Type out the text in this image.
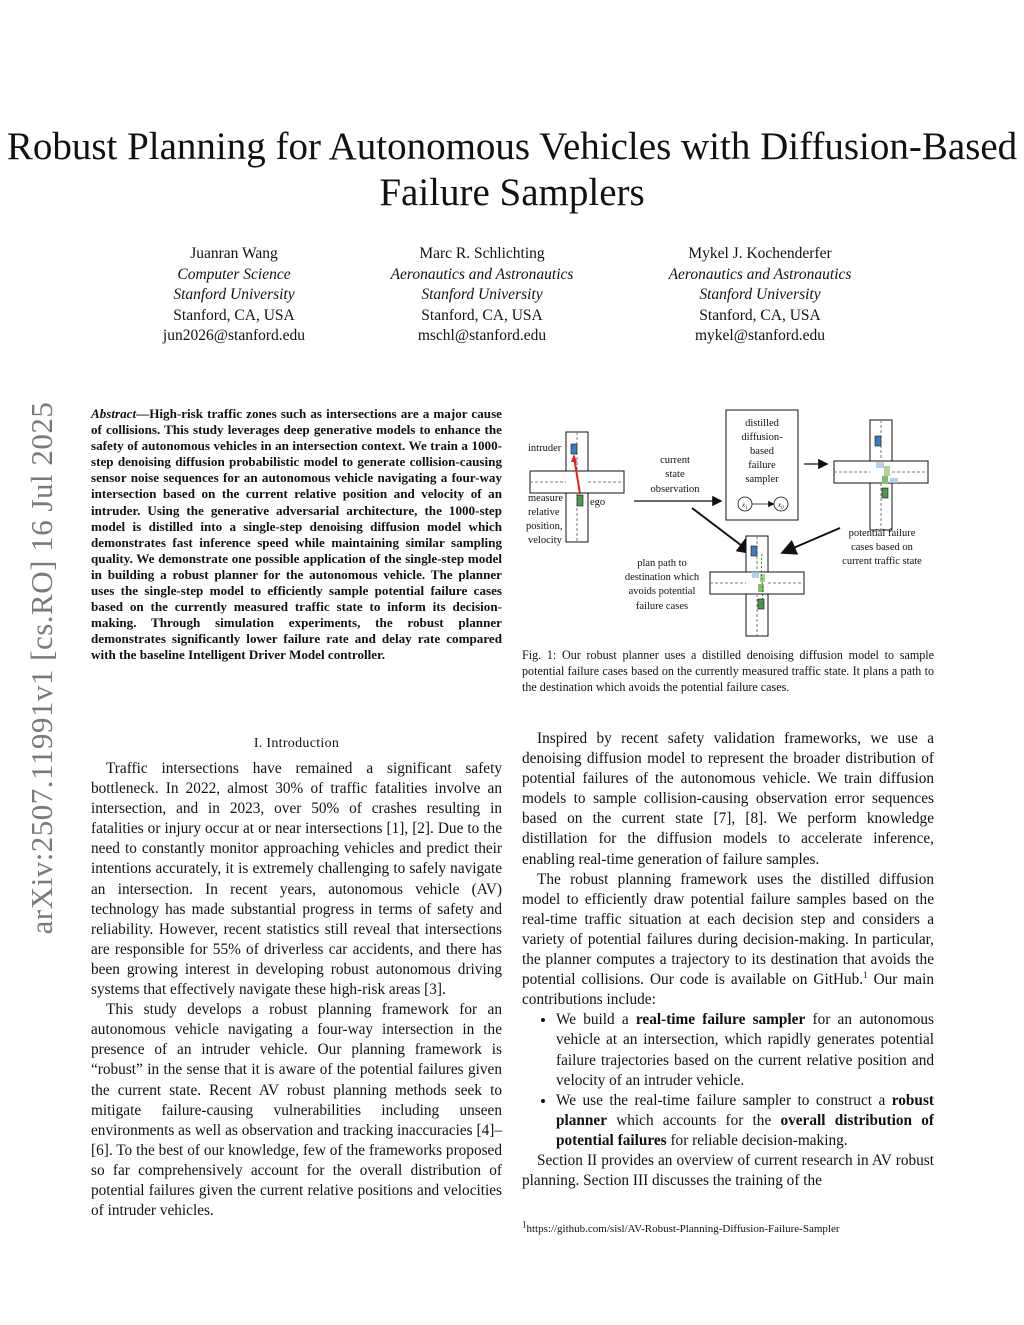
Robust Planning for Autonomous Vehicles with Diffusion-Based Failure Samplers
Juanran Wang
Computer Science
Stanford University
Stanford, CA, USA
jun2026@stanford.edu
Marc R. Schlichting
Aeronautics and Astronautics
Stanford University
Stanford, CA, USA
mschl@stanford.edu
Mykel J. Kochenderfer
Aeronautics and Astronautics
Stanford University
Stanford, CA, USA
mykel@stanford.edu
arXiv:2507.11991v1 [cs.RO] 16 Jul 2025 Abstract—High-risk traffic zones such as intersections are a major cause of collisions. This study leverages deep generative models to enhance the safety of autonomous vehicles in an intersection context. We train a 1000-step denoising diffusion probabilistic model to generate collision-causing sensor noise sequences for an autonomous vehicle navigating a four-way intersection based on the current relative position and velocity of an intruder. Using the generative adversarial architecture, the 1000-step model is distilled into a single-step denoising diffusion model which demonstrates fast inference speed while maintaining similar sampling quality. We demonstrate one possible application of the single-step model in building a robust planner for the autonomous vehicle. The planner uses the single-step model to efficiently sample potential failure cases based on the currently measured traffic state to inform its decision-making. Through simulation experiments, the robust planner demonstrates significantly lower failure rate and delay rate compared with the baseline Intelligent Driver Model controller.
intruder
measure
relative
position,
velocity
ego
current
state
observation
distilled
diffusion-
based
failure
sampler
$x_1$	$x_0$
potential failure
cases based on
current traffic state
plan path to
destination which
avoids potential
failure cases
Fig. 1: Our robust planner uses a distilled denoising diffusion model to sample potential failure cases based on the currently measured traffic state. It plans a path to the destination which avoids the potential failure cases.
I. Introduction

Traffic intersections have remained a significant safety bottleneck. In 2022, almost 30% of traffic fatalities involve an intersection, and in 2023, over 50% of crashes resulting in fatalities or injury occur at or near intersections [1], [2]. Due to the need to constantly monitor approaching vehicles and predict their intentions accurately, it is extremely challenging to safely navigate an intersection. In recent years, autonomous vehicle (AV) technology has made substantial progress in terms of safety and reliability. However, recent statistics still reveal that intersections are responsible for 55% of driverless car accidents, and there has been growing interest in developing robust autonomous driving systems that effectively navigate these high-risk areas [3].

This study develops a robust planning framework for an autonomous vehicle navigating a four-way intersection in the presence of an intruder vehicle. Our planning framework is “robust” in the sense that it is aware of the potential failures given the current state. Recent AV robust planning methods seek to mitigate failure-causing vulnerabilities including unseen environments as well as observation and tracking inaccuracies [4]–[6]. To the best of our knowledge, few of the frameworks proposed so far comprehensively account for the overall distribution of potential failures given the current relative positions and velocities of intruder vehicles.

Inspired by recent safety validation frameworks, we use a denoising diffusion model to represent the broader distribution of potential failures of the autonomous vehicle. We train diffusion models to sample collision-causing observation error sequences based on the current state [7], [8]. We perform knowledge distillation for the diffusion models to accelerate inference, enabling real-time generation of failure samples.

The robust planning framework uses the distilled diffusion model to efficiently draw potential failure samples based on the real-time traffic situation at each decision step and considers a variety of potential failures during decision-making. In particular, the planner computes a trajectory to its destination that avoids the potential collisions. Our code is available on GitHub.$^1$ Our main contributions include:

• We build a real-time failure sampler for an autonomous vehicle at an intersection, which rapidly generates potential failure trajectories based on the current relative position and velocity of an intruder vehicle.
• We use the real-time failure sampler to construct a robust planner which accounts for the overall distribution of potential failures for reliable decision-making.

Section II provides an overview of current research in AV robust planning. Section III discusses the training of the

$^1$https://github.com/sisl/AV-Robust-Planning-Diffusion-Failure-Sampler
